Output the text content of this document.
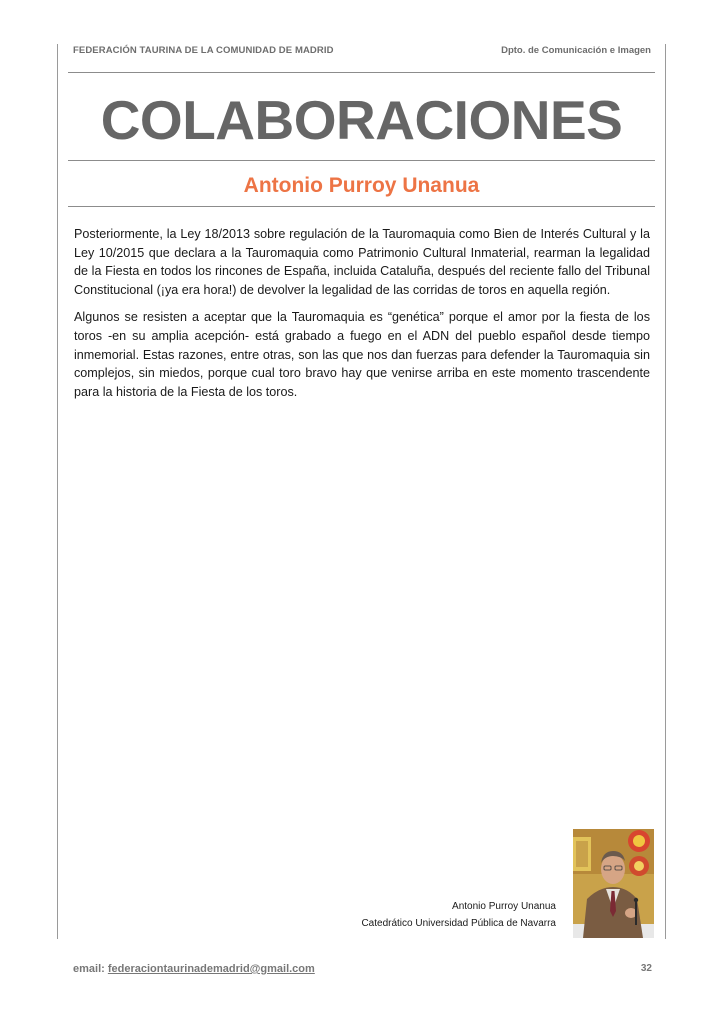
FEDERACIÓN TAURINA DE LA COMUNIDAD DE MADRID	Dpto. de Comunicación e Imagen
COLABORACIONES
Antonio Purroy Unanua

Posteriormente, la Ley 18/2013 sobre regulación de la Tauromaquia como Bien de Interés Cultural y la Ley 10/2015 que declara a la Tauromaquia como Patrimonio Cultural Inmaterial, rearman la legalidad de la Fiesta en todos los rincones de España, incluida Cataluña, después del reciente fallo del Tribunal Constitucional (¡ya era hora!) de devolver la legalidad de las corridas de toros en aquella región.

Algunos se resisten a aceptar que la Tauromaquia es “genética” porque el amor por la fiesta de los toros -en su amplia acepción- está grabado a fuego en el ADN del pueblo español desde tiempo inmemorial. Estas razones, entre otras, son las que nos dan fuerzas para defender la Tauromaquia sin complejos, sin miedos, porque cual toro bravo hay que venirse arriba en este momento trascendente para la historia de la Fiesta de los toros.

Antonio Purroy Unanua
Catedrático Universidad Pública de Navarra
email: federaciontaurinademadrid@gmail.com	32
